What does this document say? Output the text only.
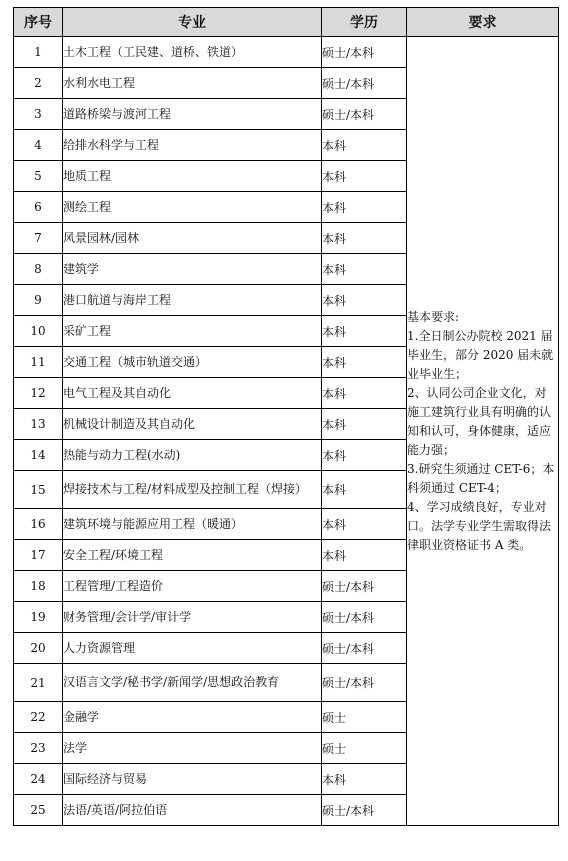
序号	专业	学历	要求
1	土木工程（工民建、道桥、铁道）	硕士/本科	基本要求:
1.全日制公办院校 2021 届毕业生，部分 2020 届未就业毕业生；
2、认同公司企业文化，对施工建筑行业具有明确的认知和认可，身体健康，适应能力强；
3.研究生须通过 CET-6；本科须通过 CET-4；
4、学习成绩良好，专业对口。法学专业学生需取得法律职业资格证书 A 类。

2	水利水电工程	硕士/本科	
3	道路桥梁与渡河工程	硕士/本科	
4	给排水科学与工程	本科	
5	地质工程	本科	
6	测绘工程	本科	
7	风景园林/园林	本科	
8	建筑学	本科	
9	港口航道与海岸工程	本科	
10	采矿工程	本科	
11	交通工程（城市轨道交通）	本科	
12	电气工程及其自动化	本科	
13	机械设计制造及其自动化	本科	
14	热能与动力工程(水动)	本科	
15	焊接技术与工程/材料成型及控制工程（焊接）	本科	
16	建筑环境与能源应用工程（暖通）	本科	
17	安全工程/环境工程	本科	
18	工程管理/工程造价	硕士/本科	
19	财务管理/会计学/审计学	硕士/本科	
20	人力资源管理	硕士/本科	
21	汉语言文学/秘书学/新闻学/思想政治教育	硕士/本科	
22	金融学	硕士	
23	法学	硕士	
24	国际经济与贸易	本科	
25	法语/英语/阿拉伯语	硕士/本科	
